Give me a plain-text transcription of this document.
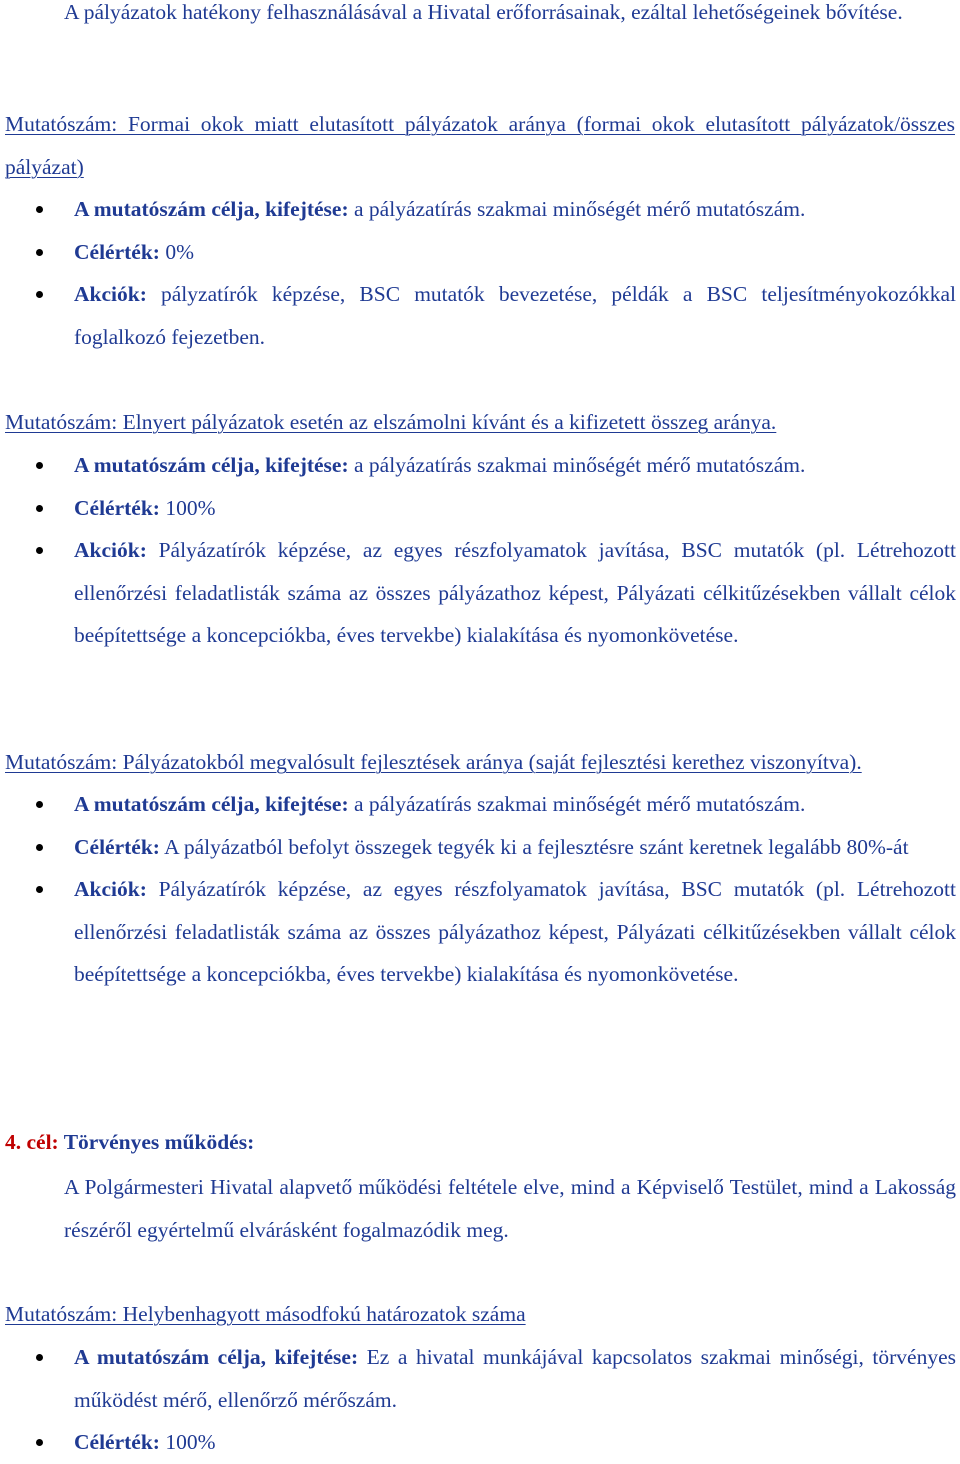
A pályázatok hatékony felhasználásával a Hivatal erőforrásainak, ezáltal lehetőségeinek bővítése.

Mutatószám: Formai okok miatt elutasított pályázatok aránya (formai okok elutasított pályázatok/összes pályázat)

A mutatószám célja, kifejtése: a pályázatírás szakmai minőségét mérő mutatószám.
Célérték: 0%
Akciók: pályzatírók képzése, BSC mutatók bevezetése, példák a BSC teljesítményokozókkal foglalkozó fejezetben.

Mutatószám: Elnyert pályázatok esetén az elszámolni kívánt és a kifizetett összeg aránya.

A mutatószám célja, kifejtése: a pályázatírás szakmai minőségét mérő mutatószám.
Célérték: 100%
Akciók: Pályázatírók képzése, az egyes részfolyamatok javítása, BSC mutatók (pl. Létrehozott ellenőrzési feladatlisták száma az összes pályázathoz képest, Pályázati célkitűzésekben vállalt célok beépítettsége a koncepciókba, éves tervekbe) kialakítása és nyomonkövetése.

Mutatószám: Pályázatokból megvalósult fejlesztések aránya (saját fejlesztési kerethez viszonyítva).

A mutatószám célja, kifejtése: a pályázatírás szakmai minőségét mérő mutatószám.
Célérték: A pályázatból befolyt összegek tegyék ki a fejlesztésre szánt keretnek legalább 80%-át
Akciók: Pályázatírók képzése, az egyes részfolyamatok javítása, BSC mutatók (pl. Létrehozott ellenőrzési feladatlisták száma az összes pályázathoz képest, Pályázati célkitűzésekben vállalt célok beépítettsége a koncepciókba, éves tervekbe) kialakítása és nyomonkövetése.

4. cél: Törvényes működés:

A Polgármesteri Hivatal alapvető működési feltétele elve, mind a Képviselő Testület, mind a Lakosság részéről egyértelmű elvárásként fogalmazódik meg.

Mutatószám: Helybenhagyott másodfokú határozatok száma

A mutatószám célja, kifejtése: Ez a hivatal munkájával kapcsolatos szakmai minőségi, törvényes működést mérő, ellenőrző mérőszám.
Célérték: 100%
